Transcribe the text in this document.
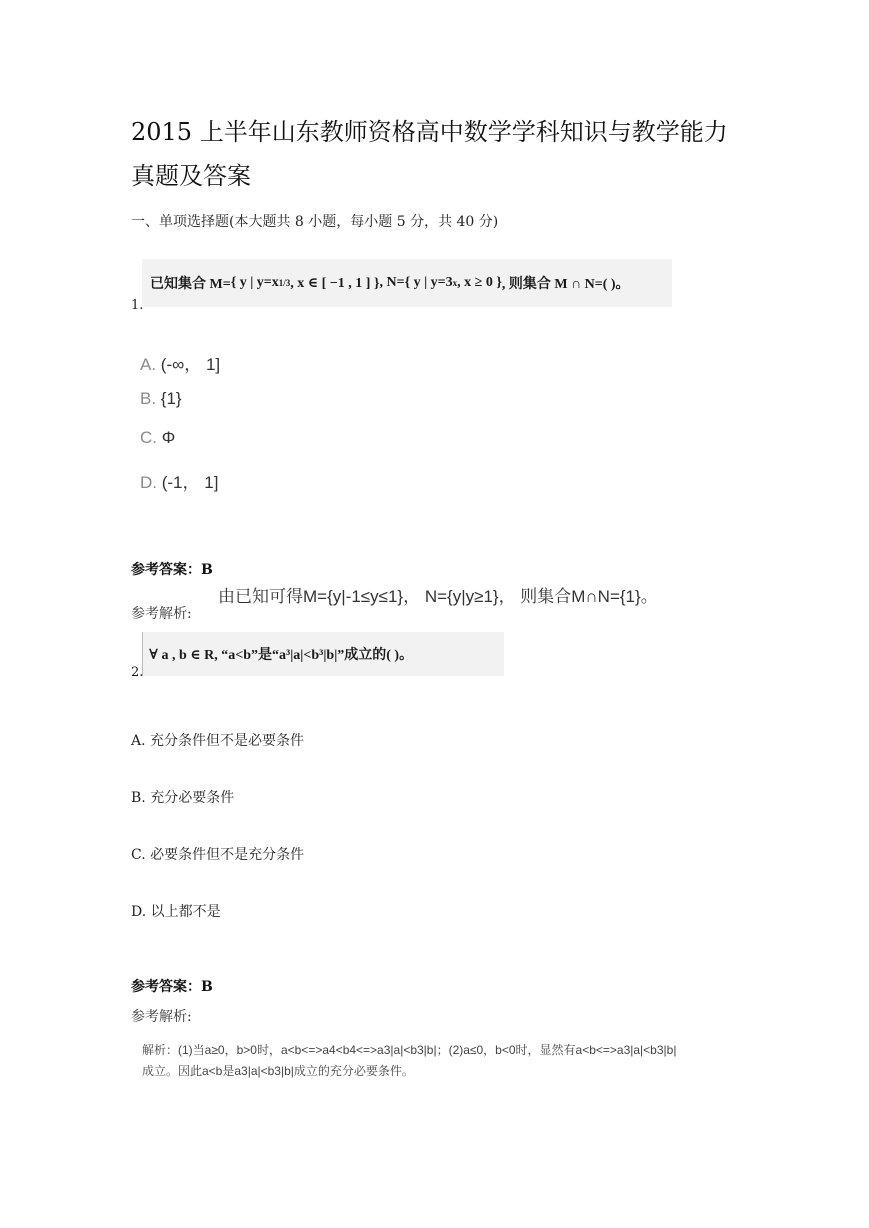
2015 上半年山东教师资格高中数学学科知识与教学能力真题及答案
一、单项选择题(本大题共 8 小题，每小题 5 分，共 40 分)
已知集合 M= { y | y=x 1/3 , x ∈ [ −1 , 1 ] } , N={ y | y=3 x , x ≥ 0 } , 则集合 M ∩ N=( )。
1.
A. (-∞， 1]
B. {1}
C. Φ
D. (-1， 1]
参考答案：B
由已知可得M={y|-1≤y≤1}， N={y|y≥1}， 则集合M∩N={1}。
参考解析:
∀ a , b ∈ R, “a<b”是“a³|a|<b³|b|”成立的( )。
2.
A. 充分条件但不是必要条件
B. 充分必要条件
C. 必要条件但不是充分条件
D. 以上都不是
参考答案：B
参考解析:
解析：(1)当a≥0，b>0时，a<b<=>a4<b4<=>a3|a|<b3|b|；(2)a≤0，b<0时，显然有a<b<=>a3|a|<b3|b|
成立。因此a<b是a3|a|<b3|b|成立的充分必要条件。
